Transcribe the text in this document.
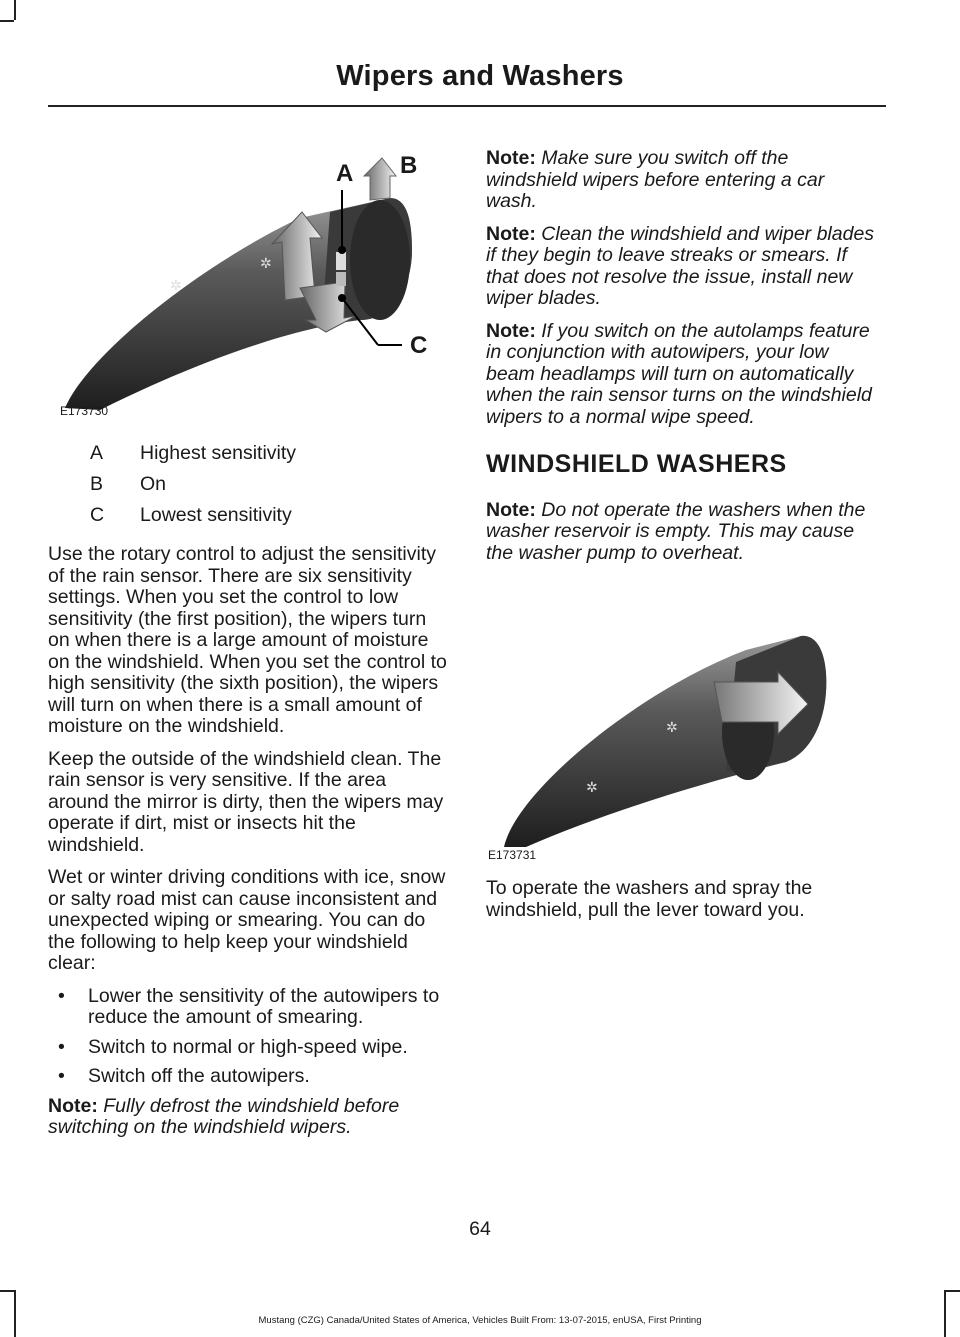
Wipers and Washers
✲
✲
A B
C
E173730
A	Highest sensitivity
B	On
C	Lowest sensitivity

Use the rotary control to adjust the sensitivity of the rain sensor. There are six sensitivity settings. When you set the control to low sensitivity (the first position), the wipers turn on when there is a large amount of moisture on the windshield. When you set the control to high sensitivity (the sixth position), the wipers will turn on when there is a small amount of moisture on the windshield.

Keep the outside of the windshield clean. The rain sensor is very sensitive. If the area around the mirror is dirty, then the wipers may operate if dirt, mist or insects hit the windshield.

Wet or winter driving conditions with ice, snow or salty road mist can cause inconsistent and unexpected wiping or smearing. You can do the following to help keep your windshield clear:

• Lower the sensitivity of the autowipers to reduce the amount of smearing.
• Switch to normal or high-speed wipe.
• Switch off the autowipers.

Note: Fully defrost the windshield before switching on the windshield wipers.

Note: Make sure you switch off the windshield wipers before entering a car wash.

Note: Clean the windshield and wiper blades if they begin to leave streaks or smears. If that does not resolve the issue, install new wiper blades.

Note: If you switch on the autolamps feature in conjunction with autowipers, your low beam headlamps will turn on automatically when the rain sensor turns on the windshield wipers to a normal wipe speed.

WINDSHIELD WASHERS

Note: Do not operate the washers when the washer reservoir is empty. This may cause the washer pump to overheat.

✲
✲
E173731

To operate the washers and spray the windshield, pull the lever toward you.

64
Mustang (CZG) Canada/United States of America, Vehicles Built From: 13-07-2015, enUSA, First Printing
